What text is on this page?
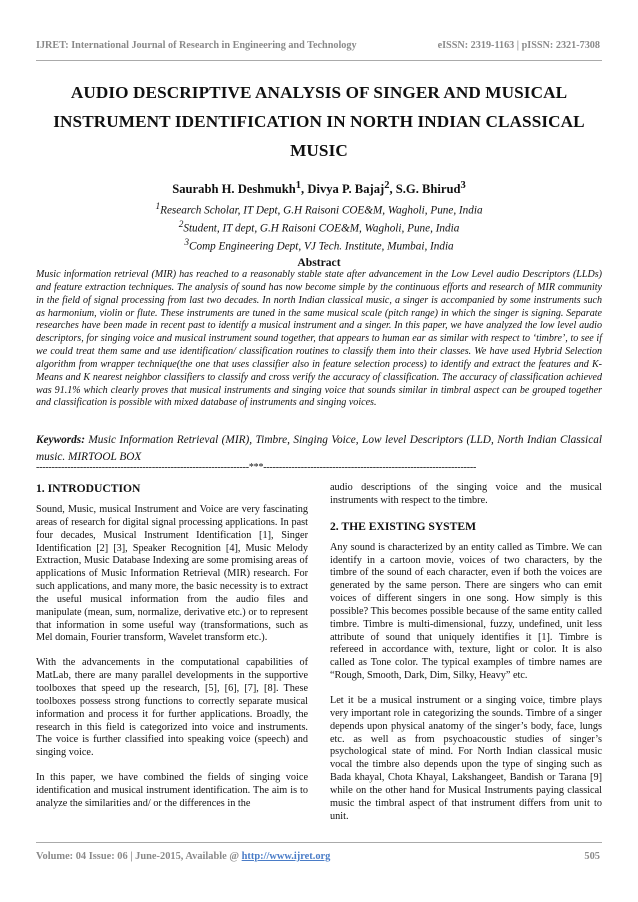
IJRET: International Journal of Research in Engineering and Technology	eISSN: 2319-1163 | pISSN: 2321-7308
AUDIO DESCRIPTIVE ANALYSIS OF SINGER AND MUSICAL
INSTRUMENT IDENTIFICATION IN NORTH INDIAN CLASSICAL
MUSIC
Saurabh H. Deshmukh$^1$, Divya P. Bajaj$^2$, S.G. Bhirud$^3$
$^1$Research Scholar, IT Dept, G.H Raisoni COE&M, Wagholi, Pune, India
$^2$Student, IT dept, G.H Raisoni COE&M, Wagholi, Pune, India
$^3$Comp Engineering Dept, VJ Tech. Institute, Mumbai, India
Abstract
Music information retrieval (MIR) has reached to a reasonably stable state after advancement in the Low Level audio Descriptors (LLDs) and feature extraction techniques. The analysis of sound has now become simple by the continuous efforts and research of MIR community in the field of signal processing from last two decades. In north Indian classical music, a singer is accompanied by some instruments such as harmonium, violin or flute. These instruments are tuned in the same musical scale (pitch range) in which the singer is signing. Separate researches have been made in recent past to identify a musical instrument and a singer. In this paper, we have analyzed the low level audio descriptors, for singing voice and musical instrument sound together, that appears to human ear as similar with respect to ‘timbre’, to see if we could treat them same and use identification/ classification routines to classify them into their classes. We have used Hybrid Selection algorithm from wrapper technique(the one that uses classifier also in feature selection process) to identify and extract the features and K-Means and K nearest neighbor classifiers to classify and cross verify the accuracy of classification. The accuracy of classification achieved was 91.1% which clearly proves that musical instruments and singing voice that sounds similar in timbral aspect can be grouped together and classification is possible with mixed database of instruments and singing voices.
Keywords: Music Information Retrieval (MIR), Timbre, Singing Voice, Low level Descriptors (LLD, North Indian Classical music. MIRTOOL BOX
--------------------------------------------------------------------***--------------------------------------------------------------------
1. INTRODUCTION

Sound, Music, musical Instrument and Voice are very fascinating areas of research for digital signal processing applications. In past four decades, Musical Instrument Identification [1], Singer Identification [2] [3], Speaker Recognition [4], Music Melody Extraction, Music Database Indexing are some promising areas of applications of Music Information Retrieval (MIR) research. For such applications, and many more, the basic necessity is to extract the useful musical information from the audio files and manipulate (mean, sum, normalize, derivative etc.) or to represent that information in some useful way (transformations, such as Mel domain, Fourier transform, Wavelet transform etc.).

With the advancements in the computational capabilities of MatLab, there are many parallel developments in the supportive toolboxes that speed up the research, [5], [6], [7], [8]. These toolboxes possess strong functions to correctly separate musical information and process it for further applications. Broadly, the research in this field is categorized into voice and instruments. The voice is further classified into speaking voice (speech) and singing voice.

In this paper, we have combined the fields of singing voice identification and musical instrument identification. The aim is to analyze the similarities and/ or the differences in the

audio descriptions of the singing voice and the musical instruments with respect to the timbre.

2. THE EXISTING SYSTEM

Any sound is characterized by an entity called as Timbre. We can identify in a cartoon movie, voices of two characters, by the timbre of the sound of each character, even if both the voices are generated by the same person. There are singers who can emit voices of different singers in one song. How simply is this possible? This becomes possible because of the same entity called timbre. Timbre is multi-dimensional, fuzzy, undefined, unit less attribute of sound that uniquely identifies it [1]. Timbre is refereed in accordance with, texture, light or color. It is also called as Tone color. The typical examples of timbre names are “Rough, Smooth, Dark, Dim, Silky, Heavy” etc.

Let it be a musical instrument or a singing voice, timbre plays very important role in categorizing the sounds. Timbre of a singer depends upon physical anatomy of the singer’s body, face, lungs etc. as well as from psychoacoustic studies of singer’s psychological state of mind. For North Indian classical music vocal the timbre also depends upon the type of singing such as Bada khayal, Chota Khayal, Lakshangeet, Bandish or Tarana [9] while on the other hand for Musical Instruments paying classical music the timbral aspect of that instrument differs from unit to unit.

Volume: 04 Issue: 06 | June-2015, Available @ http://www.ijret.org	505
